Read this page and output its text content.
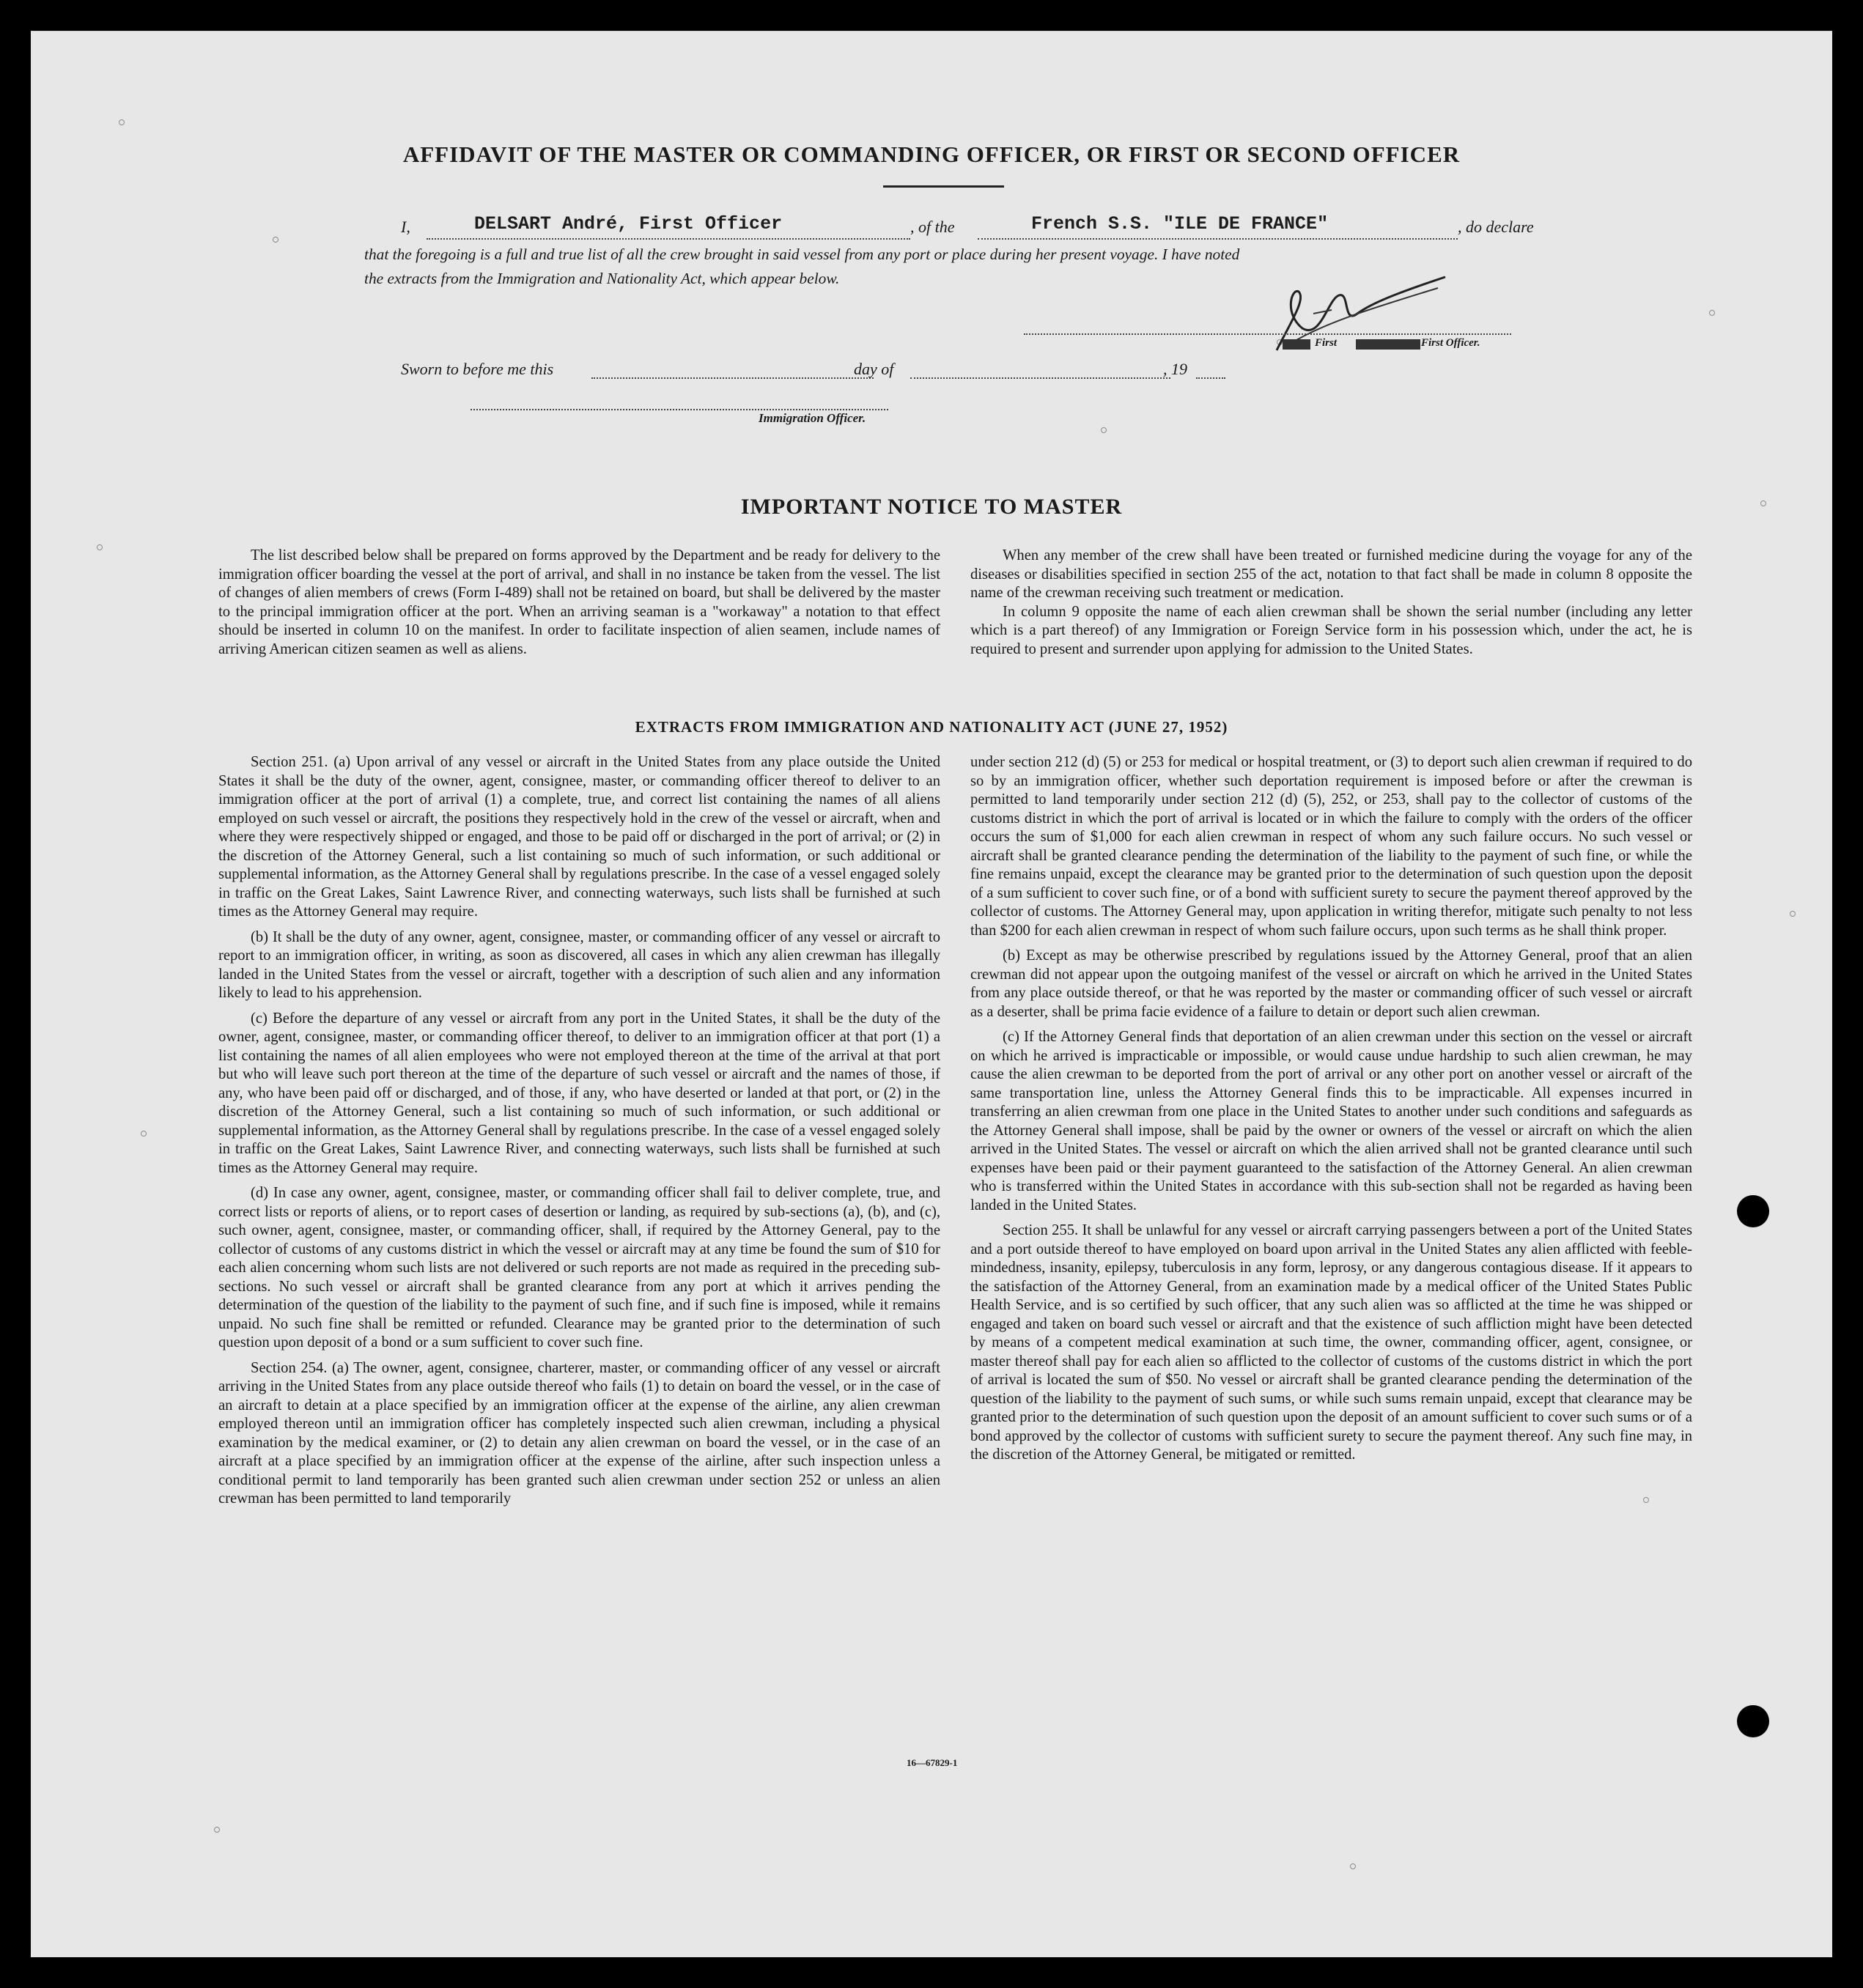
AFFIDAVIT OF THE MASTER OR COMMANDING OFFICER, OR FIRST OR SECOND OFFICER
I,	DELSART André, First Officer	, of the	French S.S. "ILE DE FRANCE"	, do declare
that the foregoing is a full and true list of all the crew brought in said vessel from any port or place during her present voyage. I have noted
the extracts from the Immigration and Nationality Act, which appear below.
First	First Officer.
Sworn to before me this	day of	, 19
Immigration Officer.
IMPORTANT NOTICE TO MASTER

The list described below shall be prepared on forms approved by the Department and be ready for delivery to the immigration officer boarding the vessel at the port of arrival, and shall in no instance be taken from the vessel. The list of changes of alien members of crews (Form I-489) shall not be retained on board, but shall be delivered by the master to the principal immigration officer at the port. When an arriving seaman is a "workaway" a notation to that effect should be inserted in column 10 on the manifest. In order to facilitate inspection of alien seamen, include names of arriving American citizen seamen as well as aliens.

When any member of the crew shall have been treated or furnished medicine during the voyage for any of the diseases or disabilities specified in section 255 of the act, notation to that fact shall be made in column 8 opposite the name of the crewman receiving such treatment or medication.

In column 9 opposite the name of each alien crewman shall be shown the serial number (including any letter which is a part thereof) of any Immigration or Foreign Service form in his possession which, under the act, he is required to present and surrender upon applying for admission to the United States.

EXTRACTS FROM IMMIGRATION AND NATIONALITY ACT (JUNE 27, 1952)

Section 251. (a) Upon arrival of any vessel or aircraft in the United States from any place outside the United States it shall be the duty of the owner, agent, consignee, master, or commanding officer thereof to deliver to an immigration officer at the port of arrival (1) a complete, true, and correct list containing the names of all aliens employed on such vessel or aircraft, the positions they respectively hold in the crew of the vessel or aircraft, when and where they were respectively shipped or engaged, and those to be paid off or discharged in the port of arrival; or (2) in the discretion of the Attorney General, such a list containing so much of such information, or such additional or supplemental information, as the Attorney General shall by regulations prescribe. In the case of a vessel engaged solely in traffic on the Great Lakes, Saint Lawrence River, and connecting waterways, such lists shall be furnished at such times as the Attorney General may require.

(b) It shall be the duty of any owner, agent, consignee, master, or commanding officer of any vessel or aircraft to report to an immigration officer, in writing, as soon as discovered, all cases in which any alien crewman has illegally landed in the United States from the vessel or aircraft, together with a description of such alien and any information likely to lead to his apprehension.

(c) Before the departure of any vessel or aircraft from any port in the United States, it shall be the duty of the owner, agent, consignee, master, or commanding officer thereof, to deliver to an immigration officer at that port (1) a list containing the names of all alien employees who were not employed thereon at the time of the arrival at that port but who will leave such port thereon at the time of the departure of such vessel or aircraft and the names of those, if any, who have been paid off or discharged, and of those, if any, who have deserted or landed at that port, or (2) in the discretion of the Attorney General, such a list containing so much of such information, or such additional or supplemental information, as the Attorney General shall by regulations prescribe. In the case of a vessel engaged solely in traffic on the Great Lakes, Saint Lawrence River, and connecting waterways, such lists shall be furnished at such times as the Attorney General may require.

(d) In case any owner, agent, consignee, master, or commanding officer shall fail to deliver complete, true, and correct lists or reports of aliens, or to report cases of desertion or landing, as required by sub-sections (a), (b), and (c), such owner, agent, consignee, master, or commanding officer, shall, if required by the Attorney General, pay to the collector of customs of any customs district in which the vessel or aircraft may at any time be found the sum of $10 for each alien concerning whom such lists are not delivered or such reports are not made as required in the preceding sub-sections. No such vessel or aircraft shall be granted clearance from any port at which it arrives pending the determination of the question of the liability to the payment of such fine, and if such fine is imposed, while it remains unpaid. No such fine shall be remitted or refunded. Clearance may be granted prior to the determination of such question upon deposit of a bond or a sum sufficient to cover such fine.

Section 254. (a) The owner, agent, consignee, charterer, master, or commanding officer of any vessel or aircraft arriving in the United States from any place outside thereof who fails (1) to detain on board the vessel, or in the case of an aircraft to detain at a place specified by an immigration officer at the expense of the airline, any alien crewman employed thereon until an immigration officer has completely inspected such alien crewman, including a physical examination by the medical examiner, or (2) to detain any alien crewman on board the vessel, or in the case of an aircraft at a place specified by an immigration officer at the expense of the airline, after such inspection unless a conditional permit to land temporarily has been granted such alien crewman under section 252 or unless an alien crewman has been permitted to land temporarily

under section 212 (d) (5) or 253 for medical or hospital treatment, or (3) to deport such alien crewman if required to do so by an immigration officer, whether such deportation requirement is imposed before or after the crewman is permitted to land temporarily under section 212 (d) (5), 252, or 253, shall pay to the collector of customs of the customs district in which the port of arrival is located or in which the failure to comply with the orders of the officer occurs the sum of $1,000 for each alien crewman in respect of whom any such failure occurs. No such vessel or aircraft shall be granted clearance pending the determination of the liability to the payment of such fine, or while the fine remains unpaid, except the clearance may be granted prior to the determination of such question upon the deposit of a sum sufficient to cover such fine, or of a bond with sufficient surety to secure the payment thereof approved by the collector of customs. The Attorney General may, upon application in writing therefor, mitigate such penalty to not less than $200 for each alien crewman in respect of whom such failure occurs, upon such terms as he shall think proper.

(b) Except as may be otherwise prescribed by regulations issued by the Attorney General, proof that an alien crewman did not appear upon the outgoing manifest of the vessel or aircraft on which he arrived in the United States from any place outside thereof, or that he was reported by the master or commanding officer of such vessel or aircraft as a deserter, shall be prima facie evidence of a failure to detain or deport such alien crewman.

(c) If the Attorney General finds that deportation of an alien crewman under this section on the vessel or aircraft on which he arrived is impracticable or impossible, or would cause undue hardship to such alien crewman, he may cause the alien crewman to be deported from the port of arrival or any other port on another vessel or aircraft of the same transportation line, unless the Attorney General finds this to be impracticable. All expenses incurred in transferring an alien crewman from one place in the United States to another under such conditions and safeguards as the Attorney General shall impose, shall be paid by the owner or owners of the vessel or aircraft on which the alien arrived in the United States. The vessel or aircraft on which the alien arrived shall not be granted clearance until such expenses have been paid or their payment guaranteed to the satisfaction of the Attorney General. An alien crewman who is transferred within the United States in accordance with this sub-section shall not be regarded as having been landed in the United States.

Section 255. It shall be unlawful for any vessel or aircraft carrying passengers between a port of the United States and a port outside thereof to have employed on board upon arrival in the United States any alien afflicted with feeble-mindedness, insanity, epilepsy, tuberculosis in any form, leprosy, or any dangerous contagious disease. If it appears to the satisfaction of the Attorney General, from an examination made by a medical officer of the United States Public Health Service, and is so certified by such officer, that any such alien was so afflicted at the time he was shipped or engaged and taken on board such vessel or aircraft and that the existence of such affliction might have been detected by means of a competent medical examination at such time, the owner, commanding officer, agent, consignee, or master thereof shall pay for each alien so afflicted to the collector of customs of the customs district in which the port of arrival is located the sum of $50. No vessel or aircraft shall be granted clearance pending the determination of the question of the liability to the payment of such sums, or while such sums remain unpaid, except that clearance may be granted prior to the determination of such question upon the deposit of an amount sufficient to cover such sums or of a bond approved by the collector of customs with sufficient surety to secure the payment thereof. Any such fine may, in the discretion of the Attorney General, be mitigated or remitted.

16—67829-1
